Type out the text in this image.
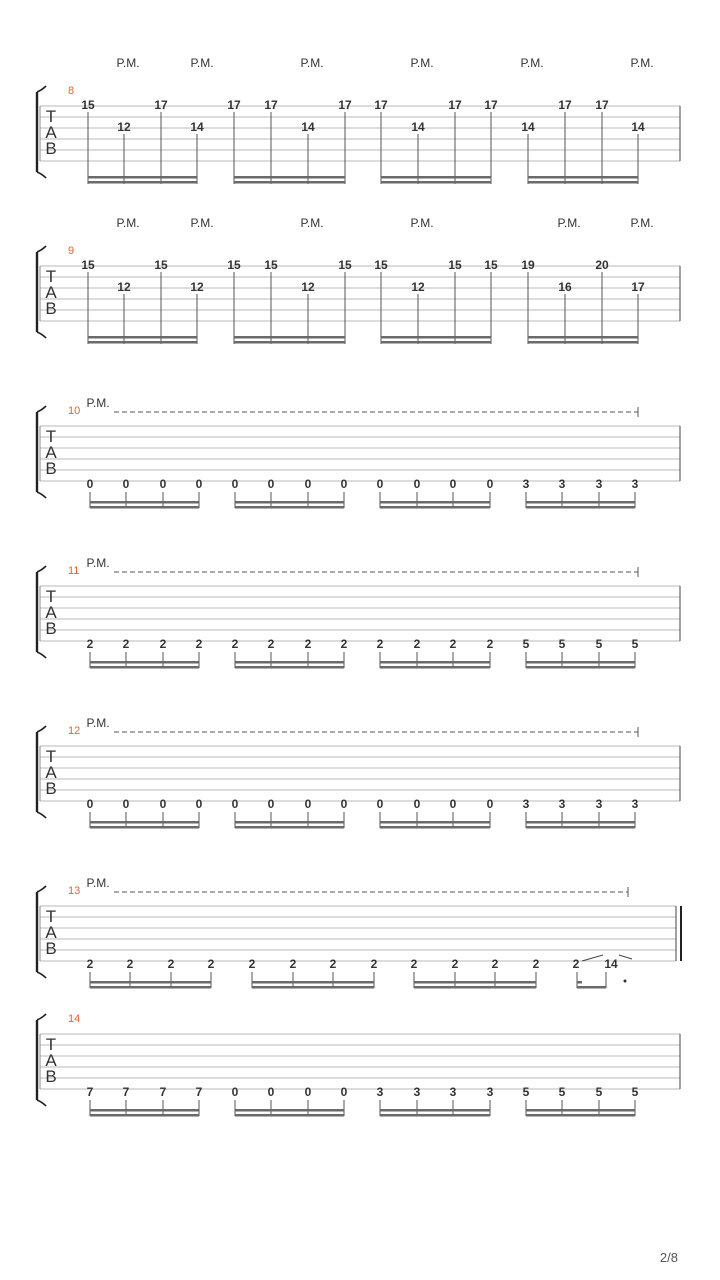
T
A
B
8
P.M.	P.M.	P.M.	P.M.	P.M.	P.M.
15
12
17
14
17 17
14
17 17
14
17 17
14
17 17
14
T
A
B
9
P.M.	P.M.	P.M.	P.M.	P.M.	P.M.
15
12
15
12
15 15
12
15 15
12
15 15 19
16
20
17
T
A
B
10
P.M.
0 0	0 0 0 0	0 0 0	0 0	0 3 3	3 3
T
A
B
11
P.M.
2 2	2 2 2 2	2 2 2	2 2	2 5 5	5 5
T
A
B
12
P.M.
0 0	0 0 0 0	0 0 0	0 0	0 3 3	3 3
T
A
B
13
P.M.
2	2	2	2	2	2	2	2	2	2	2	2	2 14
T
A
B
14
7 7	7 7 0 0	0 0 3	3 3	3 5 5	5 5
2/8
